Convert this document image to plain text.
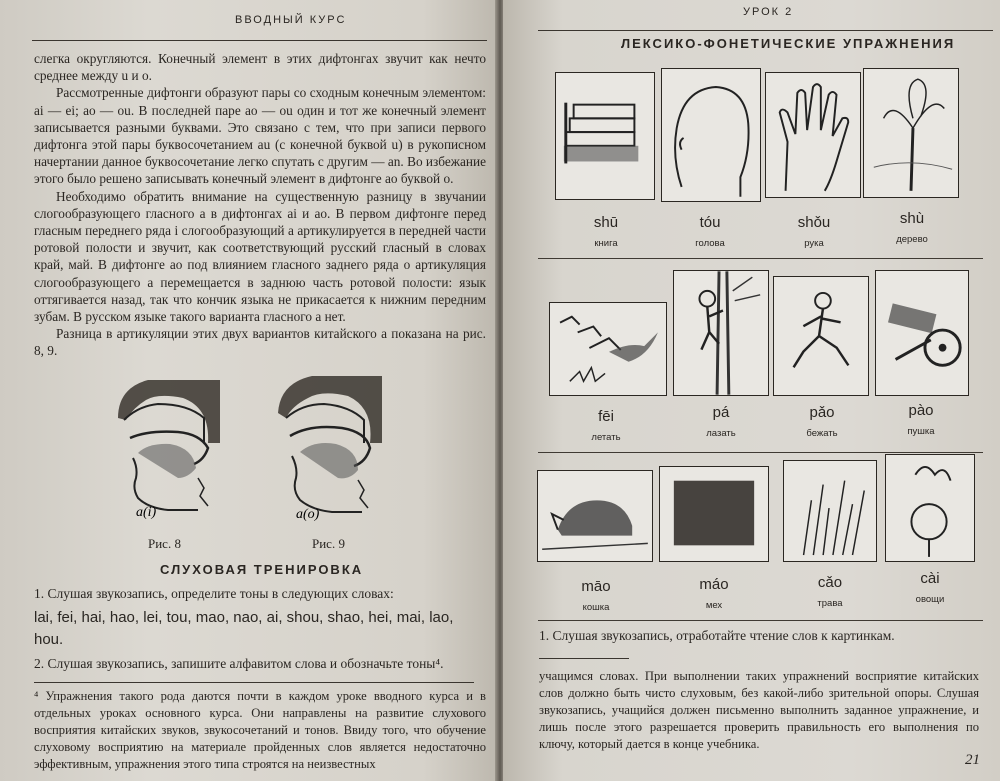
ВВОДНЫЙ КУРС

слегка округляются. Конечный элемент в этих дифтонгах звучит как нечто среднее между u и o.

Рассмотренные дифтонги образуют пары со сходным конечным элементом: ai — ei; ao — ou. В последней паре ao — ou один и тот же конечный элемент записывается разными буквами. Это связано с тем, что при записи первого дифтонга этой пары буквосочетанием au (с конечной буквой u) в рукописном начертании данное буквосочетание легко спутать с другим — an. Во избежание этого было решено записывать конечный элемент в дифтонге ao буквой o.

Необходимо обратить внимание на существенную разницу в звучании слогообразующего гласного a в дифтонгах ai и ao. В первом дифтонге перед гласным переднего ряда i слогообразующий a артикулируется в передней части ротовой полости и звучит, как соответствующий русский гласный в словах край, май. В дифтонге ao под влиянием гласного заднего ряда o артикуляция слогообразующего a перемещается в заднюю часть ротовой полости: язык оттягивается назад, так что кончик языка не прикасается к нижним передним зубам. В русском языке такого варианта гласного a нет.

Разница в артикуляции этих двух вариантов китайского a показана на рис. 8, 9.

a(i)
Рис. 8
a(o)
Рис. 9
СЛУХОВАЯ ТРЕНИРОВКА
1. Слушая звукозапись, определите тоны в следующих словах:
lai, fei, hai, hao, lei, tou, mao, nao, ai, shou, shao, hei, mai, lao, hou.
2. Слушая звукозапись, запишите алфавитом слова и обозначьте тоны⁴.
⁴ Упражнения такого рода даются почти в каждом уроке вводного курса и в отдельных уроках основного курса. Они направлены на развитие слухового восприятия китайских звуков, звукосочетаний и тонов. Ввиду того, что обучение слуховому восприятию на материале пройденных слов является недостаточно эффективным, упражнения этого типа строятся на неизвестных
УРОК 2
ЛЕКСИКО-ФОНЕТИЧЕСКИЕ УПРАЖНЕНИЯ
shū
книга
tóu
голова
shǒu
рука
shù
дерево
fēi
летать
pá
лазать
pǎo
бежать
pào
пушка
māo
кошка
máo
мех
cǎo
трава
cài
овощи
1. Слушая звукозапись, отработайте чтение слов к картинкам.
учащимся словах. При выполнении таких упражнений восприятие китайских слов должно быть чисто слуховым, без какой-либо зрительной опоры. Слушая звукозапись, учащийся должен письменно выполнить заданное упражнение, и лишь после этого разрешается проверить правильность его выполнения по ключу, который дается в конце учебника.
21
